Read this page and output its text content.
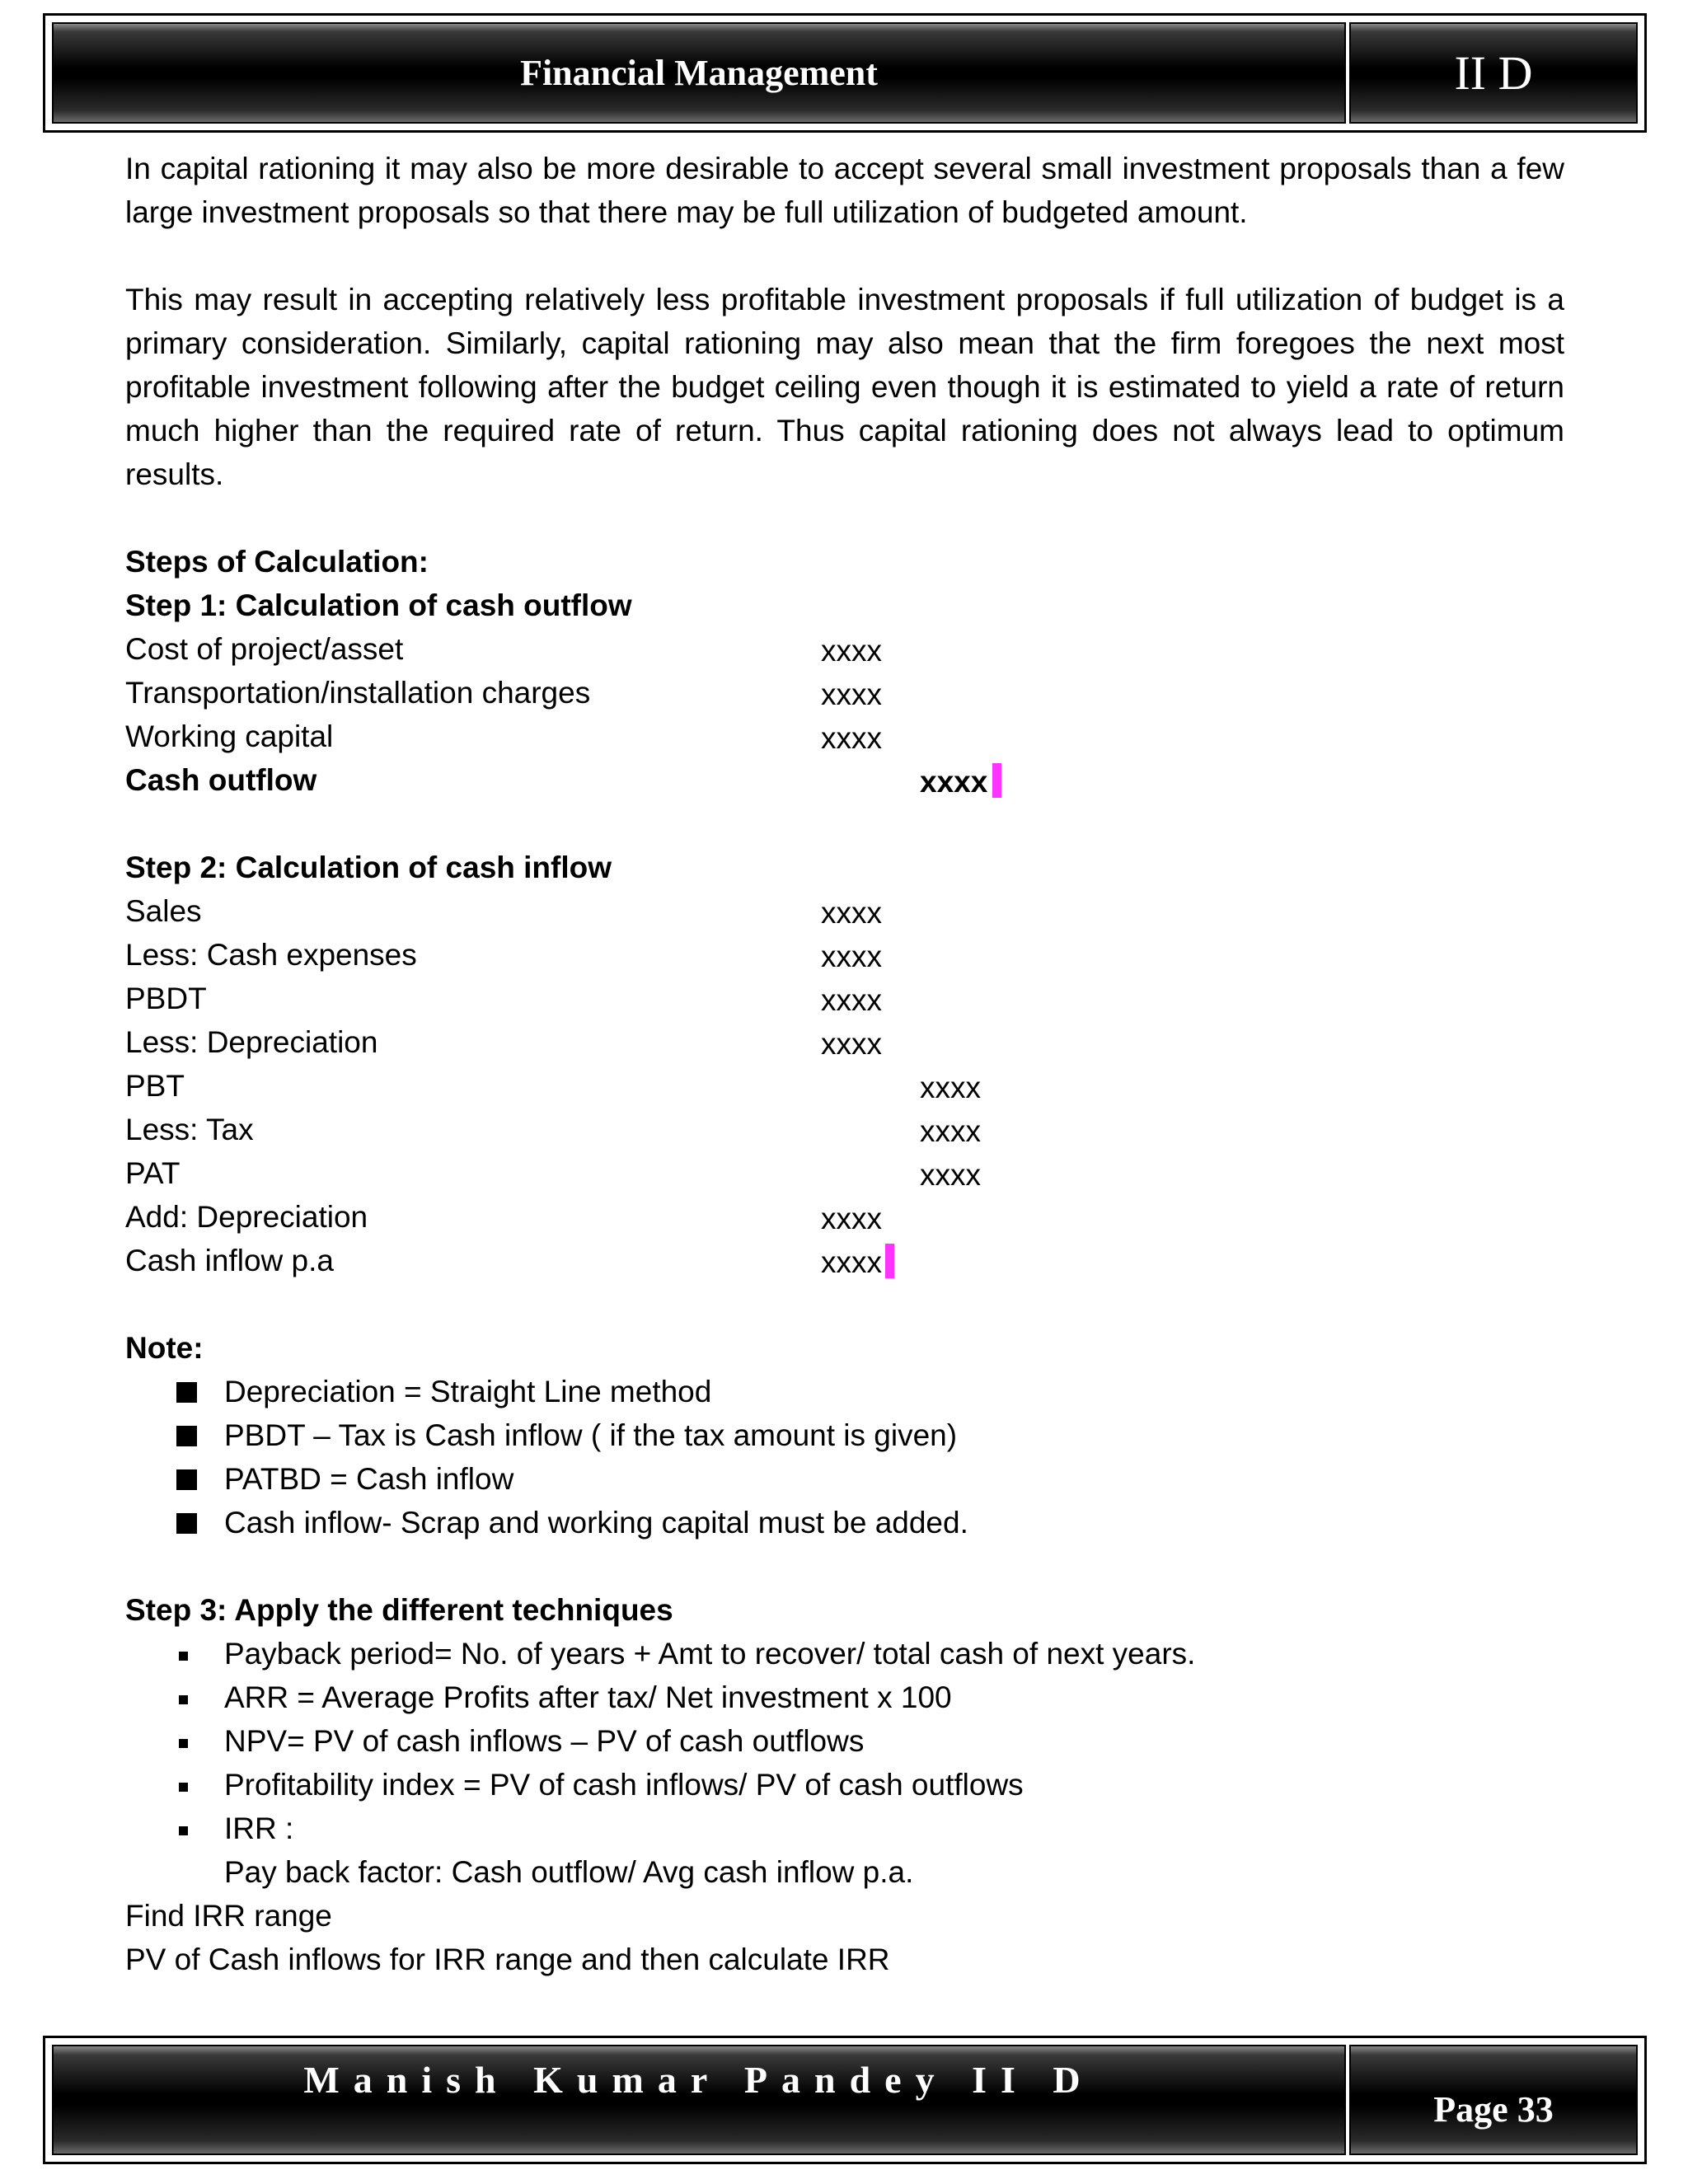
Financial Management	II D

In capital rationing it may also be more desirable to accept several small investment proposals than a few large investment proposals so that there may be full utilization of budgeted amount.

This may result in accepting relatively less profitable investment proposals if full utilization of budget is a primary consideration. Similarly, capital rationing may also mean that the firm foregoes the next most profitable investment following after the budget ceiling even though it is estimated to yield a rate of return much higher than the required rate of return. Thus capital rationing does not always lead to optimum results.

Steps of Calculation:
Step 1: Calculation of cash outflow
Cost of project/asset	xxxx
Transportation/installation charges	xxxx
Working capital	xxxx
Cash outflow	xxxx
Step 2: Calculation of cash inflow
Sales	xxxx
Less: Cash expenses	xxxx
PBDT	xxxx
Less: Depreciation	xxxx
PBT	xxxx
Less: Tax	xxxx
PAT	xxxx
Add: Depreciation	xxxx
Cash inflow p.a	xxxx
Note:
Depreciation = Straight Line method
PBDT – Tax is Cash inflow ( if the tax amount is given)
PATBD = Cash inflow
Cash inflow- Scrap and working capital must be added.
Step 3: Apply the different techniques
Payback period= No. of years + Amt to recover/ total cash of next years.
ARR = Average Profits after tax/ Net investment x 100
NPV= PV of cash inflows – PV of cash outflows
Profitability index = PV of cash inflows/ PV of cash outflows
IRR :
Pay back factor: Cash outflow/ Avg cash inflow p.a.
Find IRR range
PV of Cash inflows for IRR range and then calculate IRR
Manish Kumar Pandey II D
Page 33
